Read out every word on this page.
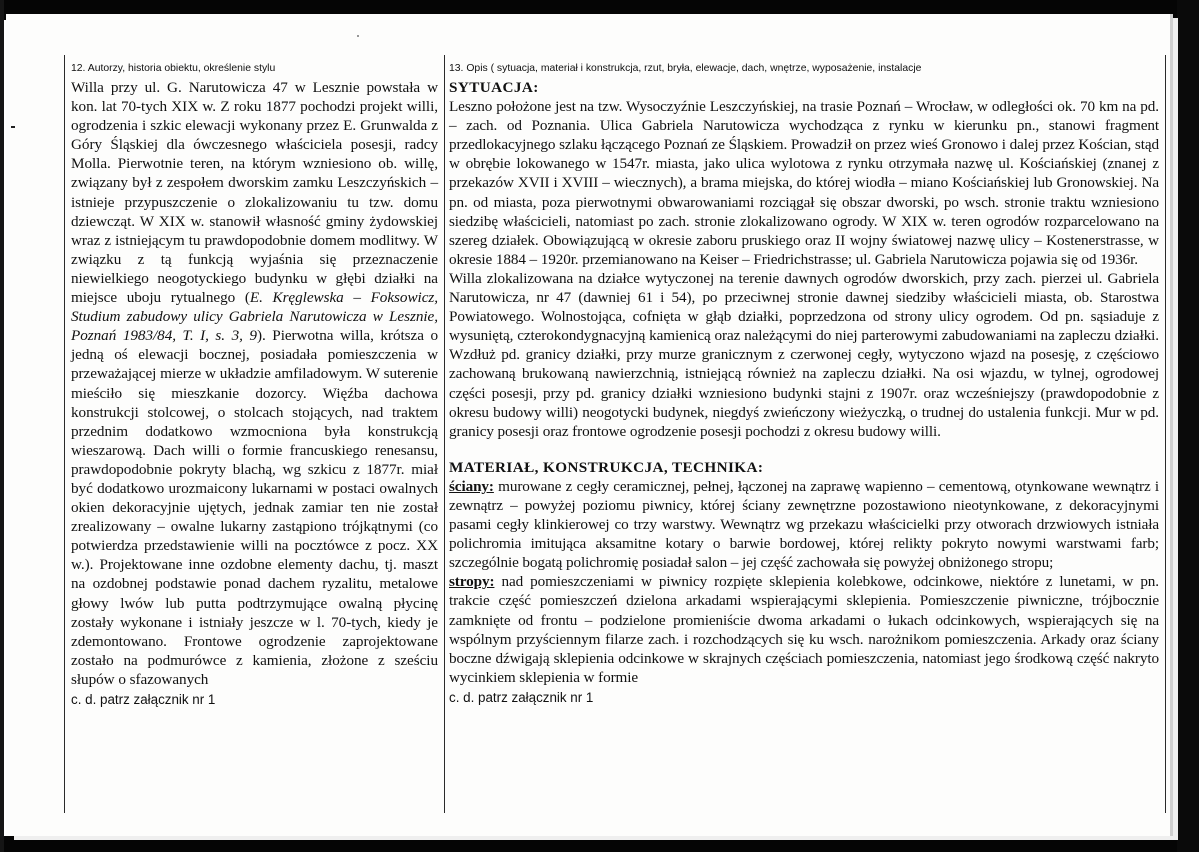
12. Autorzy, historia obiektu, określenie stylu

Willa przy ul. G. Narutowicza 47 w Lesznie powstała w kon. lat 70-tych XIX w. Z roku 1877 pochodzi projekt willi, ogrodzenia i szkic elewacji wykonany przez E. Grunwalda z Góry Śląskiej dla ówczesnego właściciela posesji, radcy Molla. Pierwotnie teren, na którym wzniesiono ob. willę, związany był z zespołem dworskim zamku Leszczyńskich – istnieje przypuszczenie o zlokalizowaniu tu tzw. domu dziewcząt. W XIX w. stanowił własność gminy żydowskiej wraz z istniejącym tu prawdopodobnie domem modlitwy. W związku z tą funkcją wyjaśnia się przeznaczenie niewielkiego neogotyckiego budynku w głębi działki na miejsce uboju rytualnego (E. Kręglewska – Foksowicz, Studium zabudowy ulicy Gabriela Narutowicza w Lesznie, Poznań 1983/84, T. I, s. 3, 9). Pierwotna willa, krótsza o jedną oś elewacji bocznej, posiadała pomieszczenia w przeważającej mierze w układzie amfiladowym. W suterenie mieściło się mieszkanie dozorcy. Więźba dachowa konstrukcji stolcowej, o stolcach stojących, nad traktem przednim dodatkowo wzmocniona była konstrukcją wieszarową. Dach willi o formie francuskiego renesansu, prawdopodobnie pokryty blachą, wg szkicu z 1877r. miał być dodatkowo urozmaicony lukarnami w postaci owalnych okien dekoracyjnie ujętych, jednak zamiar ten nie został zrealizowany – owalne lukarny zastąpiono trójkątnymi (co potwierdza przedstawienie willi na pocztówce z pocz. XX w.). Projektowane inne ozdobne elementy dachu, tj. maszt na ozdobnej podstawie ponad dachem ryzalitu, metalowe głowy lwów lub putta podtrzymujące owalną płycinę zostały wykonane i istniały jeszcze w l. 70-tych, kiedy je zdemontowano. Frontowe ogrodzenie zaprojektowane zostało na podmurówce z kamienia, złożone z sześciu słupów o sfazowanych

c. d. patrz załącznik nr 1
13. Opis ( sytuacja, materiał i konstrukcja, rzut, bryła, elewacje, dach, wnętrze, wyposażenie, instalacje
SYTUACJA:

Leszno położone jest na tzw. Wysoczyźnie Leszczyńskiej, na trasie Poznań – Wrocław, w odległości ok. 70 km na pd. – zach. od Poznania. Ulica Gabriela Narutowicza wychodząca z rynku w kierunku pn., stanowi fragment przedlokacyjnego szlaku łączącego Poznań ze Śląskiem. Prowadził on przez wieś Gronowo i dalej przez Kościan, stąd w obrębie lokowanego w 1547r. miasta, jako ulica wylotowa z rynku otrzymała nazwę ul. Kościańskiej (znanej z przekazów XVII i XVIII – wiecznych), a brama miejska, do której wiodła – miano Kościańskiej lub Gronowskiej. Na pn. od miasta, poza pierwotnymi obwarowaniami rozciągał się obszar dworski, po wsch. stronie traktu wzniesiono siedzibę właścicieli, natomiast po zach. stronie zlokalizowano ogrody. W XIX w. teren ogrodów rozparcelowano na szereg działek. Obowiązującą w okresie zaboru pruskiego oraz II wojny światowej nazwę ulicy – Kostenerstrasse, w okresie 1884 – 1920r. przemianowano na Keiser – Friedrichstrasse; ul. Gabriela Narutowicza pojawia się od 1936r.

Willa zlokalizowana na działce wytyczonej na terenie dawnych ogrodów dworskich, przy zach. pierzei ul. Gabriela Narutowicza, nr 47 (dawniej 61 i 54), po przeciwnej stronie dawnej siedziby właścicieli miasta, ob. Starostwa Powiatowego. Wolnostojąca, cofnięta w głąb działki, poprzedzona od strony ulicy ogrodem. Od pn. sąsiaduje z wysuniętą, czterokondygnacyjną kamienicą oraz należącymi do niej parterowymi zabudowaniami na zapleczu działki. Wzdłuż pd. granicy działki, przy murze granicznym z czerwonej cegły, wytyczono wjazd na posesję, z częściowo zachowaną brukowaną nawierzchnią, istniejącą również na zapleczu działki. Na osi wjazdu, w tylnej, ogrodowej części posesji, przy pd. granicy działki wzniesiono budynki stajni z 1907r. oraz wcześniejszy (prawdopodobnie z okresu budowy willi) neogotycki budynek, niegdyś zwieńczony wieżyczką, o trudnej do ustalenia funkcji. Mur w pd. granicy posesji oraz frontowe ogrodzenie posesji pochodzi z okresu budowy willi.

MATERIAŁ, KONSTRUKCJA, TECHNIKA:

ściany: murowane z cegły ceramicznej, pełnej, łączonej na zaprawę wapienno – cementową, otynkowane wewnątrz i zewnątrz – powyżej poziomu piwnicy, której ściany zewnętrzne pozostawiono nieotynkowane, z dekoracyjnymi pasami cegły klinkierowej co trzy warstwy. Wewnątrz wg przekazu właścicielki przy otworach drzwiowych istniała polichromia imitująca aksamitne kotary o barwie bordowej, której relikty pokryto nowymi warstwami farb; szczególnie bogatą polichromię posiadał salon – jej część zachowała się powyżej obniżonego stropu;

stropy: nad pomieszczeniami w piwnicy rozpięte sklepienia kolebkowe, odcinkowe, niektóre z lunetami, w pn. trakcie część pomieszczeń dzielona arkadami wspierającymi sklepienia. Pomieszczenie piwniczne, trójbocznie zamknięte od frontu – podzielone promieniście dwoma arkadami o łukach odcinkowych, wspierających się na wspólnym przyściennym filarze zach. i rozchodzących się ku wsch. narożnikom pomieszczenia. Arkady oraz ściany boczne dźwigają sklepienia odcinkowe w skrajnych częściach pomieszczenia, natomiast jego środkową część nakryto wycinkiem sklepienia w formie

c. d. patrz załącznik nr 1
